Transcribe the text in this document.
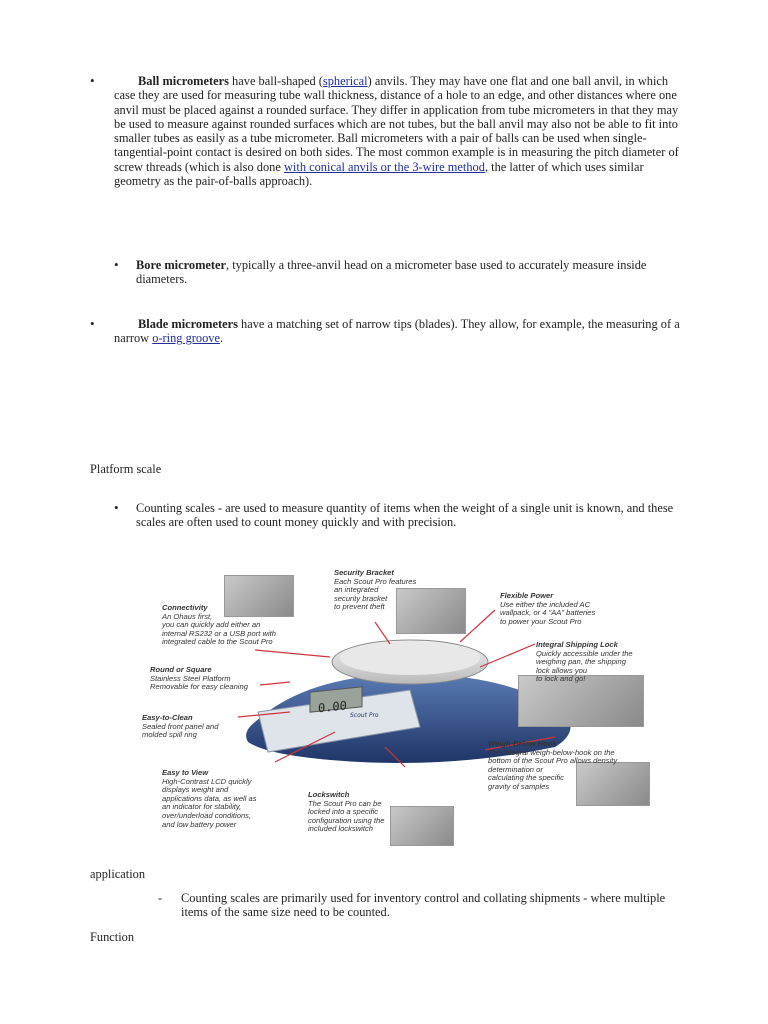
•	Ball micrometers have ball-shaped (spherical) anvils. They may have one flat and one ball anvil, in which case they are used for measuring tube wall thickness, distance of a hole to an edge, and other distances where one anvil must be placed against a rounded surface. They differ in application from tube micrometers in that they may be used to measure against rounded surfaces which are not tubes, but the ball anvil may also not be able to fit into smaller tubes as easily as a tube micrometer. Ball micrometers with a pair of balls can be used when single-tangential-point contact is desired on both sides. The most common example is in measuring the pitch diameter of screw threads (which is also done with conical anvils or the 3-wire method, the latter of which uses similar geometry as the pair-of-balls approach).
• Bore micrometer, typically a three-anvil head on a micrometer base used to accurately measure inside diameters.
•	Blade micrometers have a matching set of narrow tips (blades). They allow, for example, the measuring of a narrow o-ring groove.
Platform scale
• Counting scales - are used to measure quantity of items when the weight of a single unit is known, and these scales are often used to count money quickly and with precision.
0.00
Scout Pro
Security Bracket
Each Scout Pro features
an integrated
security bracket
to prevent theft
Flexible Power
Use either the included AC
wallpack, or 4 "AA" batteries
to power your Scout Pro
Connectivity
An Ohaus first,
you can quickly add either an
internal RS232 or a USB port with
integrated cable to the Scout Pro	Integral Shipping Lock
Quickly accessible under the
weighing pan, the shipping
lock allows you
to lock and go!
Round or Square
Stainless Steel Platform
Removable for easy cleaning
Easy-to-Clean
Sealed front panel and
molded spill ring
Weigh-Below Hook
The integral weigh-below-hook on the
bottom of the Scout Pro allows density
determination or
calculating the specific
gravity of samples
Easy to View
High-Contrast LCD quickly
displays weight and
applications data, as well as
an indicator for stability,
over/underload conditions,
and low battery power
Lockswitch
The Scout Pro can be
locked into a specific
configuration using the
included lockswitch
application
- Counting scales are primarily used for inventory control and collating shipments - where multiple items of the same size need to be counted.
Function
